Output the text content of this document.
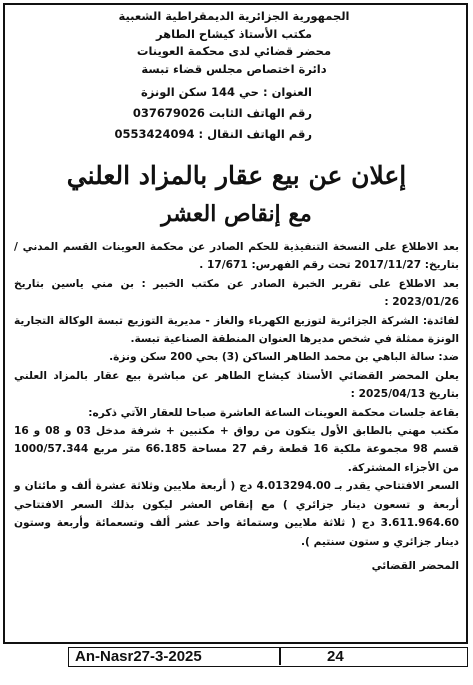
الجمهورية الجزائرية الديمقراطية الشعبية
مكتب الأستاذ كيشاح الطاهر
محضر قضائي لدى محكمة العوينات
دائرة اختصاص مجلس قضاء تبسة
العنوان : حي 144 سكن الونزة
رقم الهاتف الثابت 037679026
رقم الهاتف النقال : 0553424094
إعلان عن بيع عقار بالمزاد العلني
مع إنقاص العشر

بعد الاطلاع على النسخة التنفيذية للحكم الصادر عن محكمة العوينات القسم المدني / بتاريخ: 2017/11/27 تحت رقم الفهرس: 17/671 .

بعد الاطلاع على تقرير الخبرة الصادر عن مكتب الخبير : بن مني ياسين بتاريخ 2023/01/26 :

لفائدة: الشركة الجزائرية لتوزيع الكهرباء والغاز - مديرية التوزيع تبسة الوكالة التجارية الونزة ممثلة في شخص مديرها العنوان المنطقة الصناعية تبسة.

ضد: سالة الباهي بن محمد الطاهر الساكن (3) بحي 200 سكن ونزة.

يعلن المحضر القضائي الأستاذ كيشاح الطاهر عن مباشرة بيع عقار بالمزاد العلني بتاريخ 2025/04/13 :

بقاعة جلسات محكمة العوينات الساعة العاشرة صباحا للعقار الآتي ذكره:

مكتب مهني بالطابق الأول يتكون من رواق + مكتبين + شرفة مدخل 03 و 08 و 16 قسم 98 مجموعة ملكية 16 قطعة رقم 27 مساحة 66.185 متر مربع 1000/57.344 من الأجزاء المشتركة.

السعر الافتتاحي يقدر بـ 4.013294.00 دج ( أربعة ملايين وثلاثة عشرة ألف و مائتان و أربعة و تسعون دينار جزائري ) مع إنقاص العشر ليكون بذلك السعر الافتتاحي 3.611.964.60 دج ( ثلاثة ملايين وستمائة واحد عشر ألف وتسعمائة وأربعة وستون دينار جزائري و ستون سنتيم ).

المحضر القضائي

An-Nasr27-3-2025	24
